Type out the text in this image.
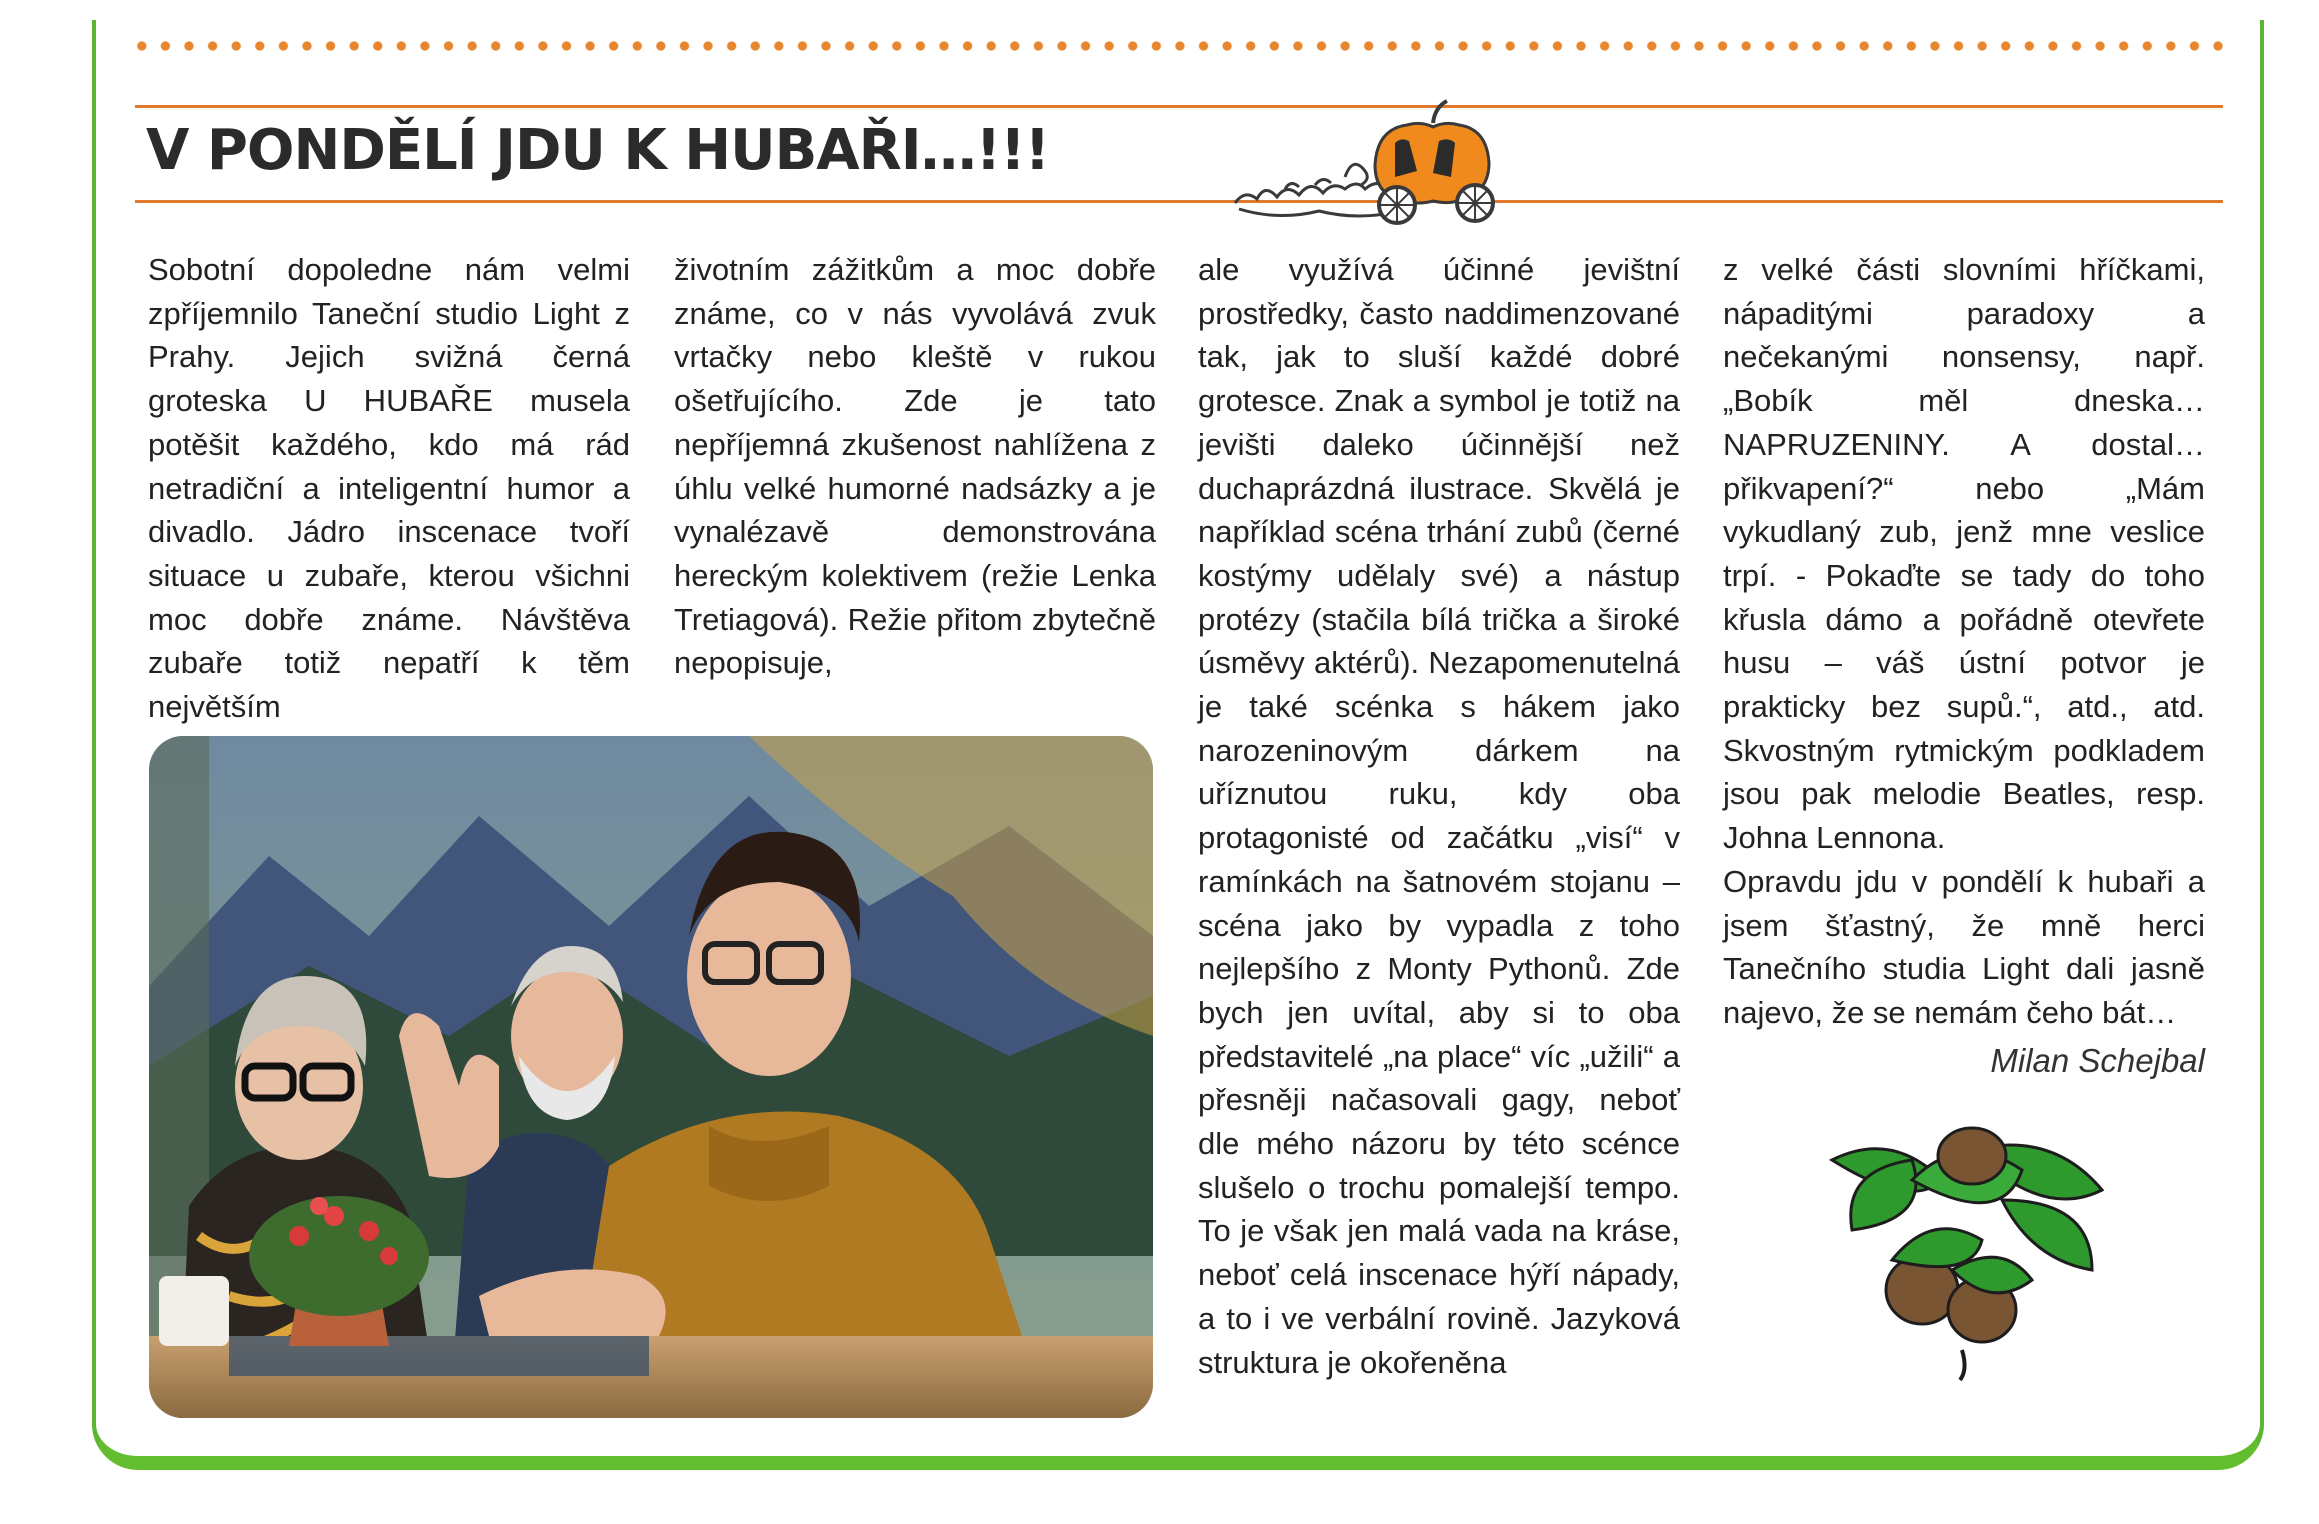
V PONDĚLÍ JDU K HUBAŘI…!!!

Sobotní dopoledne nám velmi zpříjemnilo Taneční studio Light z Prahy. Jejich svižná černá groteska U HUBAŘE musela potěšit každého, kdo má rád netradiční a inteligentní humor a divadlo. Jádro inscenace tvoří situace u zubaře, kterou všichni moc dobře známe. Návštěva zubaře totiž nepatří k těm největším

životním zážitkům a moc dobře známe, co v nás vyvolává zvuk vrtačky nebo kleště v rukou ošetřujícího. Zde je tato nepříjemná zkušenost nahlížena z úhlu velké humorné nadsázky a je vynalézavě demonstrována hereckým kolektivem (režie Lenka Tretiagová). Režie přitom zbytečně nepopisuje,

ale využívá účinné jevištní prostředky, často naddimenzované tak, jak to sluší každé dobré grotesce. Znak a symbol je totiž na jevišti daleko účinnější než duchaprázdná ilustrace. Skvělá je například scéna trhání zubů (černé kostýmy udělaly své) a nástup protézy (stačila bílá trička a široké úsměvy aktérů). Nezapomenutelná je také scénka s hákem jako narozeninovým dárkem na uříznutou ruku, kdy oba protagonisté od začátku „visí“ v ramínkách na šatnovém stojanu – scéna jako by vypadla z toho nejlepšího z Monty Pythonů. Zde bych jen uvítal, aby si to oba představitelé „na place“ víc „užili“ a přesněji načasovali gagy, neboť dle mého názoru by této scénce slušelo o trochu pomalejší tempo. To je však jen malá vada na kráse, neboť celá inscenace hýří nápady, a to i ve verbální rovině. Jazyková struktura je okořeněna

z velké části slovními hříčkami, nápaditými paradoxy a nečekanými nonsensy, např. „Bobík měl dneska… NAPRUZENINY. A dostal… přikvapení?“ nebo „Mám vykudlaný zub, jenž mne veslice trpí. - Pokaďte se tady do toho křusla dámo a pořádně otevřete husu – váš ústní potvor je prakticky bez supů.“, atd., atd. Skvostným rytmickým podkladem jsou pak melodie Beatles, resp. Johna Lennona.

Opravdu jdu v pondělí k hubaři a jsem šťastný, že mně herci Tanečního studia Light dali jasně najevo, že se nemám čeho bát…

Milan Schejbal
